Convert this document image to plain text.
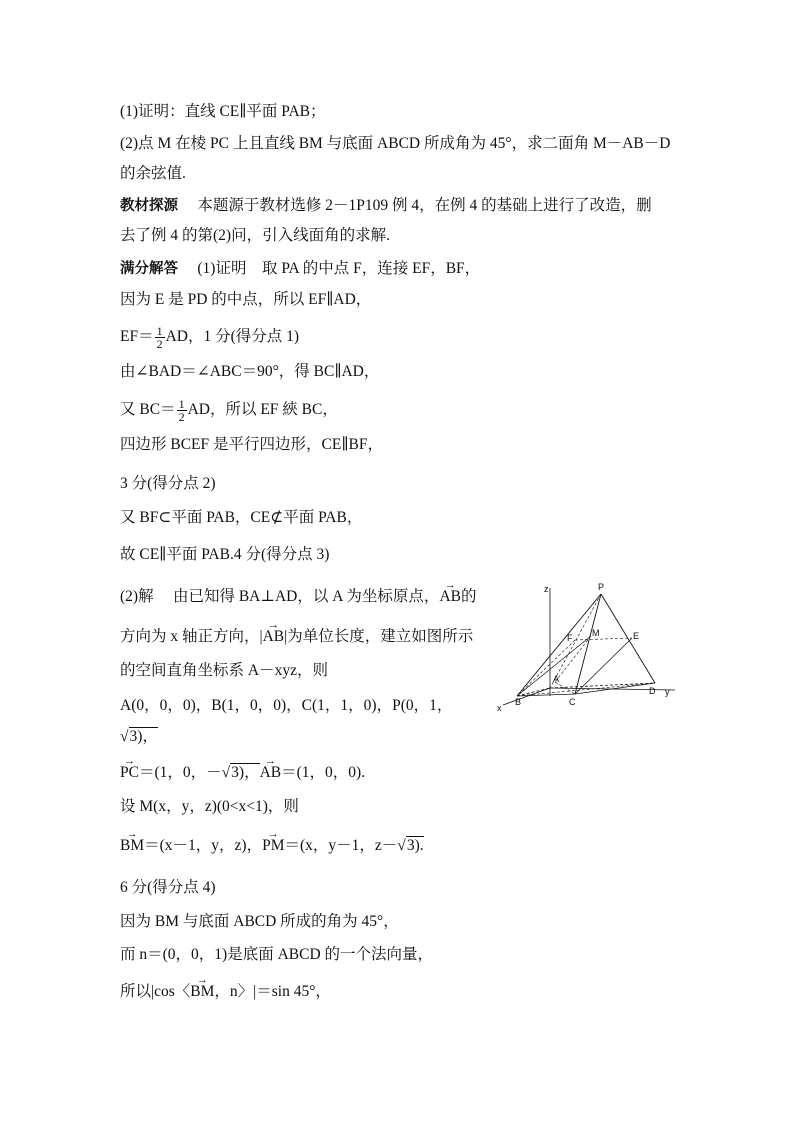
(1)证明：直线 CE∥平面 PAB；
(2)点 M 在棱 PC 上且直线 BM 与底面 ABCD 所成角为 45°，求二面角 M－AB－D
的余弦值.
教材探源　 本题源于教材选修 2－1P109 例 4，在例 4 的基础上进行了改造，删
去了例 4 的第(2)问，引入线面角的求解.
满分解答　 (1)证明　取 PA 的中点 F，连接 EF，BF，
因为 E 是 PD 的中点，所以 EF∥AD，
$EF= \frac{1}{2}$ AD，1 分(得分点 1)
由∠BAD＝∠ABC＝90°，得 BC∥AD，
又 $BC= \frac{1}{2}$ AD，所以 EF 綊 BC，
四边形 BCEF 是平行四边形，CE∥BF，
3 分(得分点 2)
又 BF⊂平面 PAB，CE⊄平面 PAB，
故 CE∥平面 PAB.4 分(得分点 3)
(2)解　 由已知得 BA⊥AD，以 A 为坐标原点，→ AB的
方向为 x 轴正方向，|→ AB|为单位长度，建立如图所示
的空间直角坐标系 A－xyz，则
A(0，0，0)，B(1，0，0)，C(1，1，0)，P(0，1，
√3)，
→ PC＝(1，0，－√3)，→ AB＝(1，0，0).
设 M(x，y，z)(0<x<1)，则
→ BM＝(x－1，y，z)，→ PM＝(x，y－1，z－√3).
6 分(得分点 4)
因为 BM 与底面 ABCD 所成的角为 45°，
而 n＝(0，0，1)是底面 ABCD 的一个法向量，
所以|cos〈→ BM，n〉|＝sin 45°，
P
z
F M	E
A
D y
x
B	C
